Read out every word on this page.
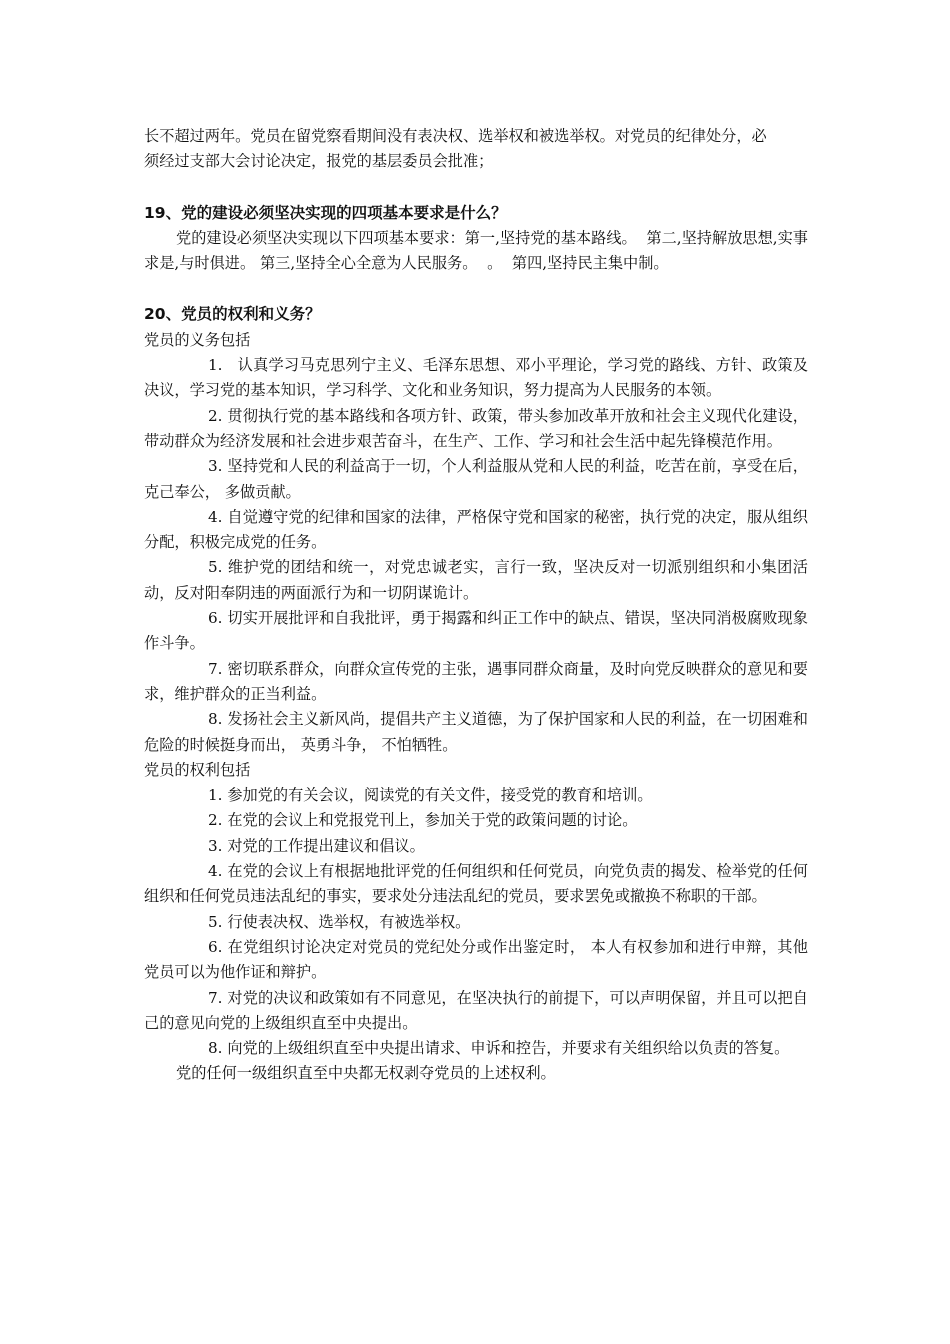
长不超过两年。党员在留党察看期间没有表决权、选举权和被选举权。对党员的纪律处分，必

须经过支部大会讨论决定，报党的基层委员会批准；

19、党的建设必须坚决实现的四项基本要求是什么？

党的建设必须坚决实现以下四项基本要求：第一,坚持党的基本路线。  第二,坚持解放思想,实事求是,与时俱进。 第三,坚持全心全意为人民服务。  。  第四,坚持民主集中制。

20、党员的权利和义务？

党员的义务包括

1.   认真学习马克思列宁主义、毛泽东思想、邓小平理论，学习党的路线、方针、政策及决议，学习党的基本知识，学习科学、文化和业务知识，努力提高为人民服务的本领。

2. 贯彻执行党的基本路线和各项方针、政策，带头参加改革开放和社会主义现代化建设，带动群众为经济发展和社会进步艰苦奋斗，在生产、工作、学习和社会生活中起先锋模范作用。

3. 坚持党和人民的利益高于一切，个人利益服从党和人民的利益，吃苦在前，享受在后， 克己奉公， 多做贡献。

4. 自觉遵守党的纪律和国家的法律，严格保守党和国家的秘密，执行党的决定，服从组织分配，积极完成党的任务。

5. 维护党的团结和统一，对党忠诚老实，言行一致，坚决反对一切派别组织和小集团活动，反对阳奉阴违的两面派行为和一切阴谋诡计。

6. 切实开展批评和自我批评，勇于揭露和纠正工作中的缺点、错误，坚决同消极腐败现象作斗争。

7. 密切联系群众，向群众宣传党的主张，遇事同群众商量，及时向党反映群众的意见和要求，维护群众的正当利益。

8. 发扬社会主义新风尚，提倡共产主义道德，为了保护国家和人民的利益，在一切困难和危险的时候挺身而出， 英勇斗争， 不怕牺牲。

党员的权利包括

1. 参加党的有关会议，阅读党的有关文件，接受党的教育和培训。

2. 在党的会议上和党报党刊上，参加关于党的政策问题的讨论。

3. 对党的工作提出建议和倡议。

4. 在党的会议上有根据地批评党的任何组织和任何党员，向党负责的揭发、检举党的任何组织和任何党员违法乱纪的事实，要求处分违法乱纪的党员，要求罢免或撤换不称职的干部。

5. 行使表决权、选举权，有被选举权。

6. 在党组织讨论决定对党员的党纪处分或作出鉴定时， 本人有权参加和进行申辩，其他党员可以为他作证和辩护。

7. 对党的决议和政策如有不同意见，在坚决执行的前提下，可以声明保留，并且可以把自己的意见向党的上级组织直至中央提出。

8. 向党的上级组织直至中央提出请求、申诉和控告，并要求有关组织给以负责的答复。

党的任何一级组织直至中央都无权剥夺党员的上述权利。
